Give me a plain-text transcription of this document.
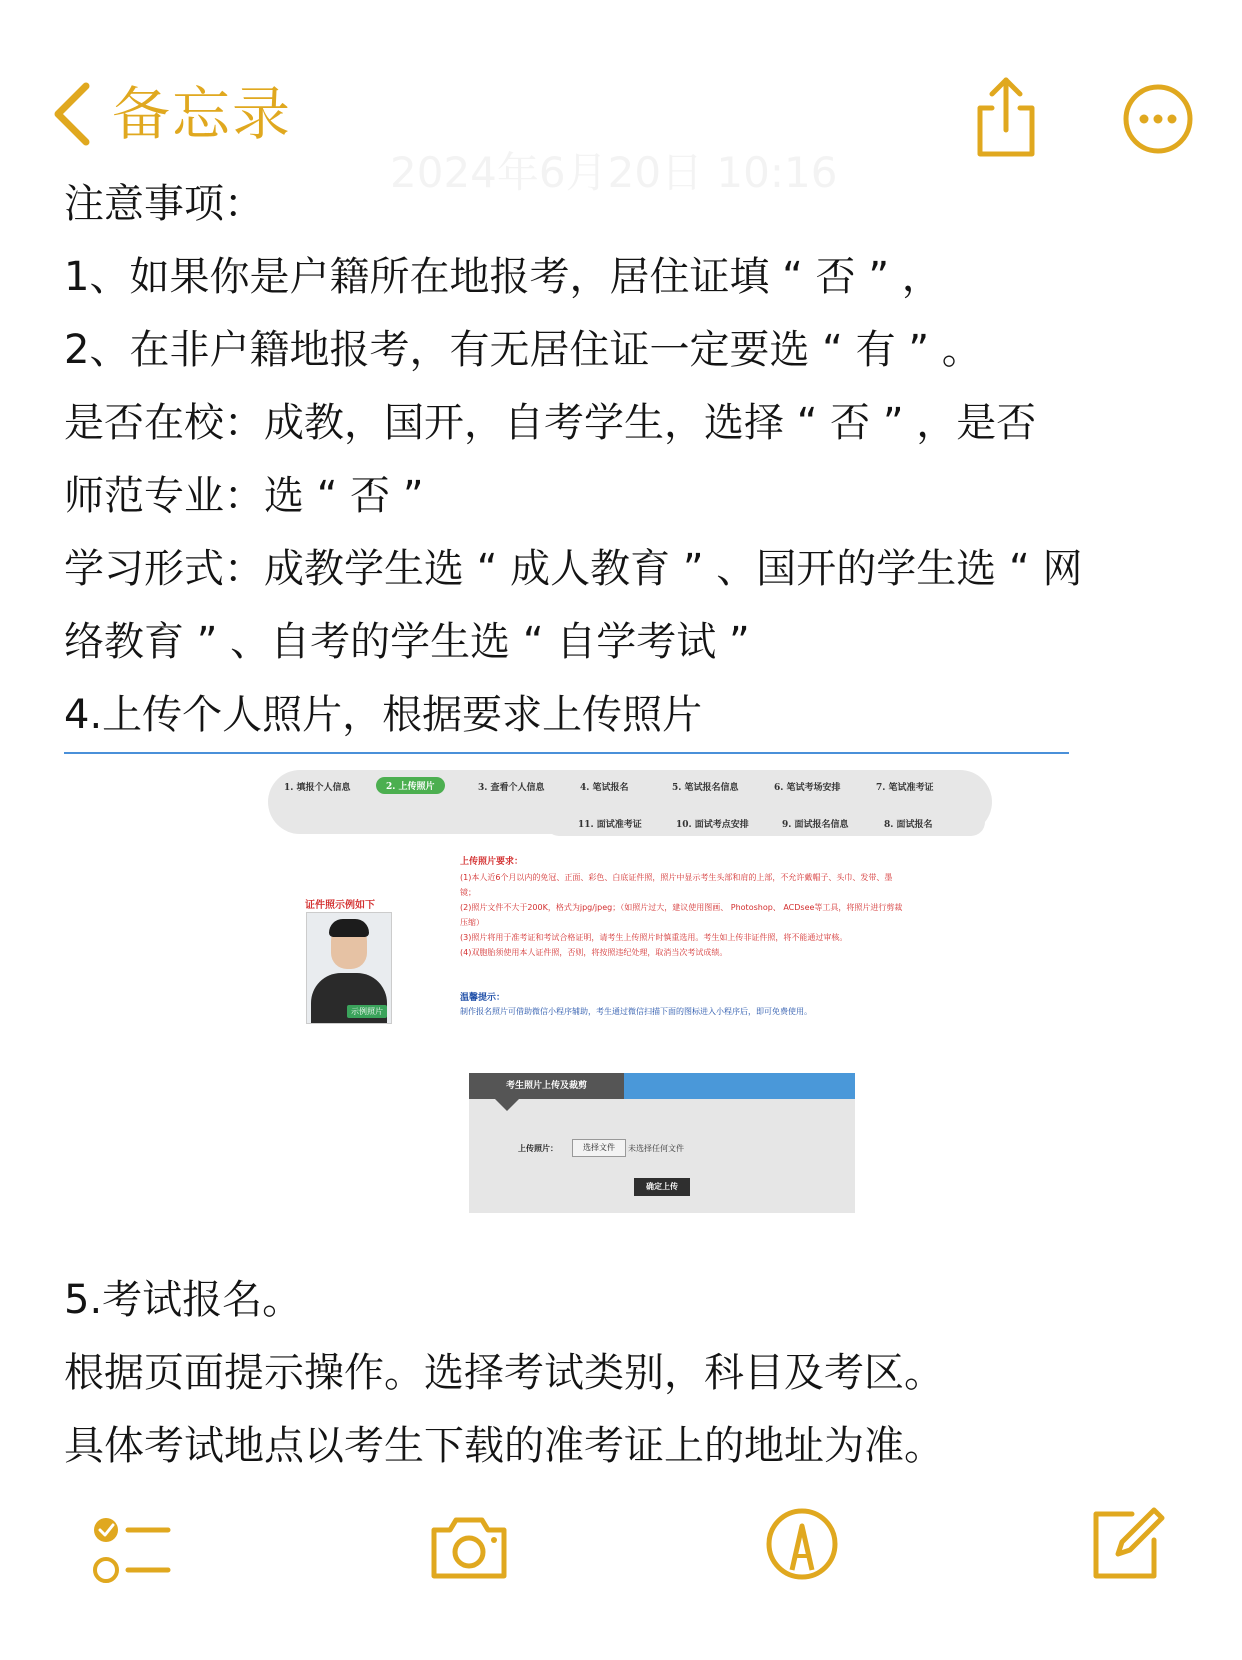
备忘录
2024年6月20日 10:16

注意事项：

1、如果你是户籍所在地报考，居住证填 “ 否 ” ，

2、在非户籍地报考，有无居住证一定要选 “ 有 ” 。

是否在校：成教，国开，自考学生，选择 “ 否 ” ，是否

师范专业：选 “ 否 ”

学习形式：成教学生选 “ 成人教育 ” 、国开的学生选 “ 网

络教育 ” 、自考的学生选 “ 自学考试 ”

4.上传个人照片，根据要求上传照片

1. 填报个人信息	2. 上传照片	3. 查看个人信息	4. 笔试报名	5. 笔试报名信息	6. 笔试考场安排	7. 笔试准考证
11. 面试准考证	10. 面试考点安排	9. 面试报名信息	8. 面试报名
上传照片要求：
(1)本人近6个月以内的免冠、正面、彩色、白底证件照，照片中显示考生头部和肩的上部，不允许戴帽子、头巾、发带、墨
镜；
(2)照片文件不大于200K，格式为jpg/jpeg；（如照片过大，建议使用图画、 Photoshop、 ACDsee等工具，将照片进行剪裁
压缩）
(3)照片将用于准考证和考试合格证明，请考生上传照片时慎重选用。考生如上传非证件照，将不能通过审核。
(4)双胞胎须使用本人证件照，否则，将按照违纪处理，取消当次考试成绩。
温馨提示：
制作报名照片可借助微信小程序辅助，考生通过微信扫描下面的图标进入小程序后，即可免费使用。
证件照示例如下
示例照片
考生照片上传及裁剪
上传照片：	选择文件	未选择任何文件
确定上传

5.考试报名。

根据页面提示操作。选择考试类别，科目及考区。

具体考试地点以考生下载的准考证上的地址为准。
